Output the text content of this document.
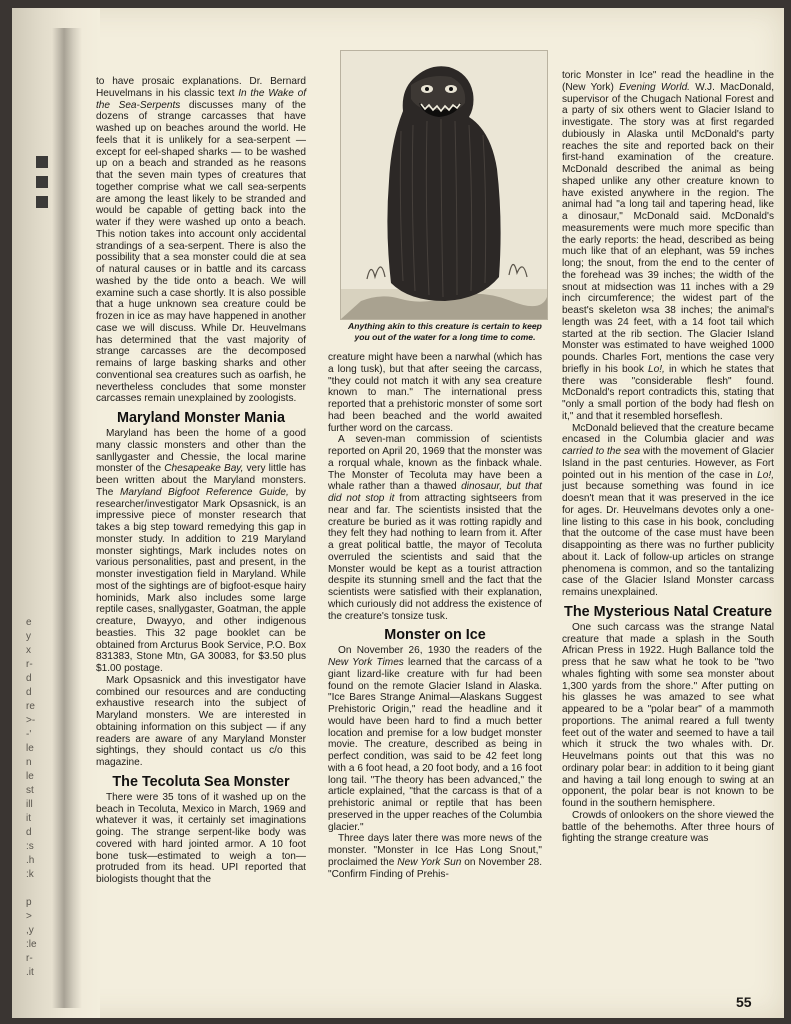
e
y
x
r-
d
d
re
>-
-'
le
n
le
st
ill
it
d
:s
.h
:k
p
>
,y
:le
r-
.it

to have prosaic explanations. Dr. Bernard Heuvelmans in his classic text In the Wake of the Sea-Serpents discusses many of the dozens of strange carcasses that have washed up on beaches around the world. He feels that it is unlikely for a sea-serpent — except for eel-shaped sharks — to be washed up on a beach and stranded as he reasons that the seven main types of creatures that together comprise what we call sea-serpents are among the least likely to be stranded and would be capable of getting back into the water if they were washed up onto a beach. This notion takes into account only accidental strandings of a sea-serpent. There is also the possibility that a sea monster could die at sea of natural causes or in battle and its carcass washed by the tide onto a beach. We will examine such a case shortly. It is also possible that a huge unknown sea creature could be frozen in ice as may have happened in another case we will discuss. While Dr. Heuvelmans has determined that the vast majority of strange carcasses are the decomposed remains of large basking sharks and other conventional sea creatures such as oarfish, he nevertheless concludes that some monster carcasses remain unexplained by zoologists.

Maryland Monster Mania

Maryland has been the home of a good many classic monsters and other than the sanllygaster and Chessie, the local marine monster of the Chesapeake Bay, very little has been written about the Maryland monsters. The Maryland Bigfoot Reference Guide, by researcher/investigator Mark Opsasnick, is an impressive piece of monster research that takes a big step toward remedying this gap in monster study. In addition to 219 Maryland monster sightings, Mark includes notes on various personalities, past and present, in the monster investigation field in Maryland. While most of the sightings are of bigfoot-esque hairy hominids, Mark also includes some large reptile cases, snallygaster, Goatman, the apple creature, Dwayyo, and other indigenous beasties. This 32 page booklet can be obtained from Arcturus Book Service, P.O. Box 831383, Stone Mtn, GA 30083, for $3.50 plus $1.00 postage.

Mark Opsasnick and this investigator have combined our resources and are conducting exhaustive research into the subject of Maryland monsters. We are interested in obtaining information on this subject — if any readers are aware of any Maryland Monster sightings, they should contact us c/o this magazine.

The Tecoluta Sea Monster

There were 35 tons of it washed up on the beach in Tecoluta, Mexico in March, 1969 and whatever it was, it certainly set imaginations going. The strange serpent-like body was covered with hard jointed armor. A 10 foot bone tusk—estimated to weigh a ton—protruded from its head. UPI reported that biologists thought that the

Anything akin to this creature is certain to keep you out of the water for a long time to come.

creature might have been a narwhal (which has a long tusk), but that after seeing the carcass, "they could not match it with any sea creature known to man." The international press reported that a prehistoric monster of some sort had been beached and the world awaited further word on the carcass.

A seven-man commission of scientists reported on April 20, 1969 that the monster was a rorqual whale, known as the finback whale. The Monster of Tecoluta may have been a whale rather than a thawed dinosaur, but that did not stop it from attracting sightseers from near and far. The scientists insisted that the creature be buried as it was rotting rapidly and they felt they had nothing to learn from it. After a great political battle, the mayor of Tecoluta overruled the scientists and said that the Monster would be kept as a tourist attraction despite its stunning smell and the fact that the scientists were satisfied with their explanation, which curiously did not address the existence of the creature's tonsize tusk.

Monster on Ice

On November 26, 1930 the readers of the New York Times learned that the carcass of a giant lizard-like creature with fur had been found on the remote Glacier Island in Alaska. "Ice Bares Strange Animal—Alaskans Suggest Prehistoric Origin," read the headline and it would have been hard to find a much better location and premise for a low budget monster movie. The creature, described as being in perfect condition, was said to be 42 feet long with a 6 foot head, a 20 foot body, and a 16 foot long tail. "The theory has been advanced," the article explained, "that the carcass is that of a prehistoric animal or reptile that has been preserved in the upper reaches of the Columbia glacier."

Three days later there was more news of the monster. "Monster in Ice Has Long Snout," proclaimed the New York Sun on November 28. "Confirm Finding of Prehis-

toric Monster in Ice" read the headline in the (New York) Evening World. W.J. MacDonald, supervisor of the Chugach National Forest and a party of six others went to Glacier Island to investigate. The story was at first regarded dubiously in Alaska until McDonald's party reaches the site and reported back on their first-hand examination of the creature. McDonald described the animal as being shaped unlike any other creature known to have existed anywhere in the region. The animal had "a long tail and tapering head, like a dinosaur," McDonald said. McDonald's measurements were much more specific than the early reports: the head, described as being much like that of an elephant, was 59 inches long; the snout, from the end to the center of the forehead was 39 inches; the width of the snout at midsection was 11 inches with a 29 inch circumference; the widest part of the beast's skeleton wsa 38 inches; the animal's length was 24 feet, with a 14 foot tail which started at the rib section. The Glacier Island Monster was estimated to have weighed 1000 pounds. Charles Fort, mentions the case very briefly in his book Lo!, in which he states that there was "considerable flesh" found. McDonald's report contradicts this, stating that "only a small portion of the body had flesh on it," and that it resembled horseflesh.

McDonald believed that the creature became encased in the Columbia glacier and was carried to the sea with the movement of Glacier Island in the past centuries. However, as Fort pointed out in his mention of the case in Lo!, just because something was found in ice doesn't mean that it was preserved in the ice for ages. Dr. Heuvelmans devotes only a one-line listing to this case in his book, concluding that the outcome of the case must have been disappointing as there was no further publicity about it. Lack of follow-up articles on strange phenomena is common, and so the tantalizing case of the Glacier Island Monster carcass remains unexplained.

The Mysterious Natal Creature

One such carcass was the strange Natal creature that made a splash in the South African Press in 1922. Hugh Ballance told the press that he saw what he took to be "two whales fighting with some sea monster about 1,300 yards from the shore." After putting on his glasses he was amazed to see what appeared to be a "polar bear" of a mammoth proportions. The animal reared a full twenty feet out of the water and seemed to have a tail which it struck the two whales with. Dr. Heuvelmans points out that this was no ordinary polar bear: in addition to it being giant and having a tail long enough to swing at an opponent, the polar bear is not known to be found in the southern hemisphere.

Crowds of onlookers on the shore viewed the battle of the behemoths. After three hours of fighting the strange creature was

55
